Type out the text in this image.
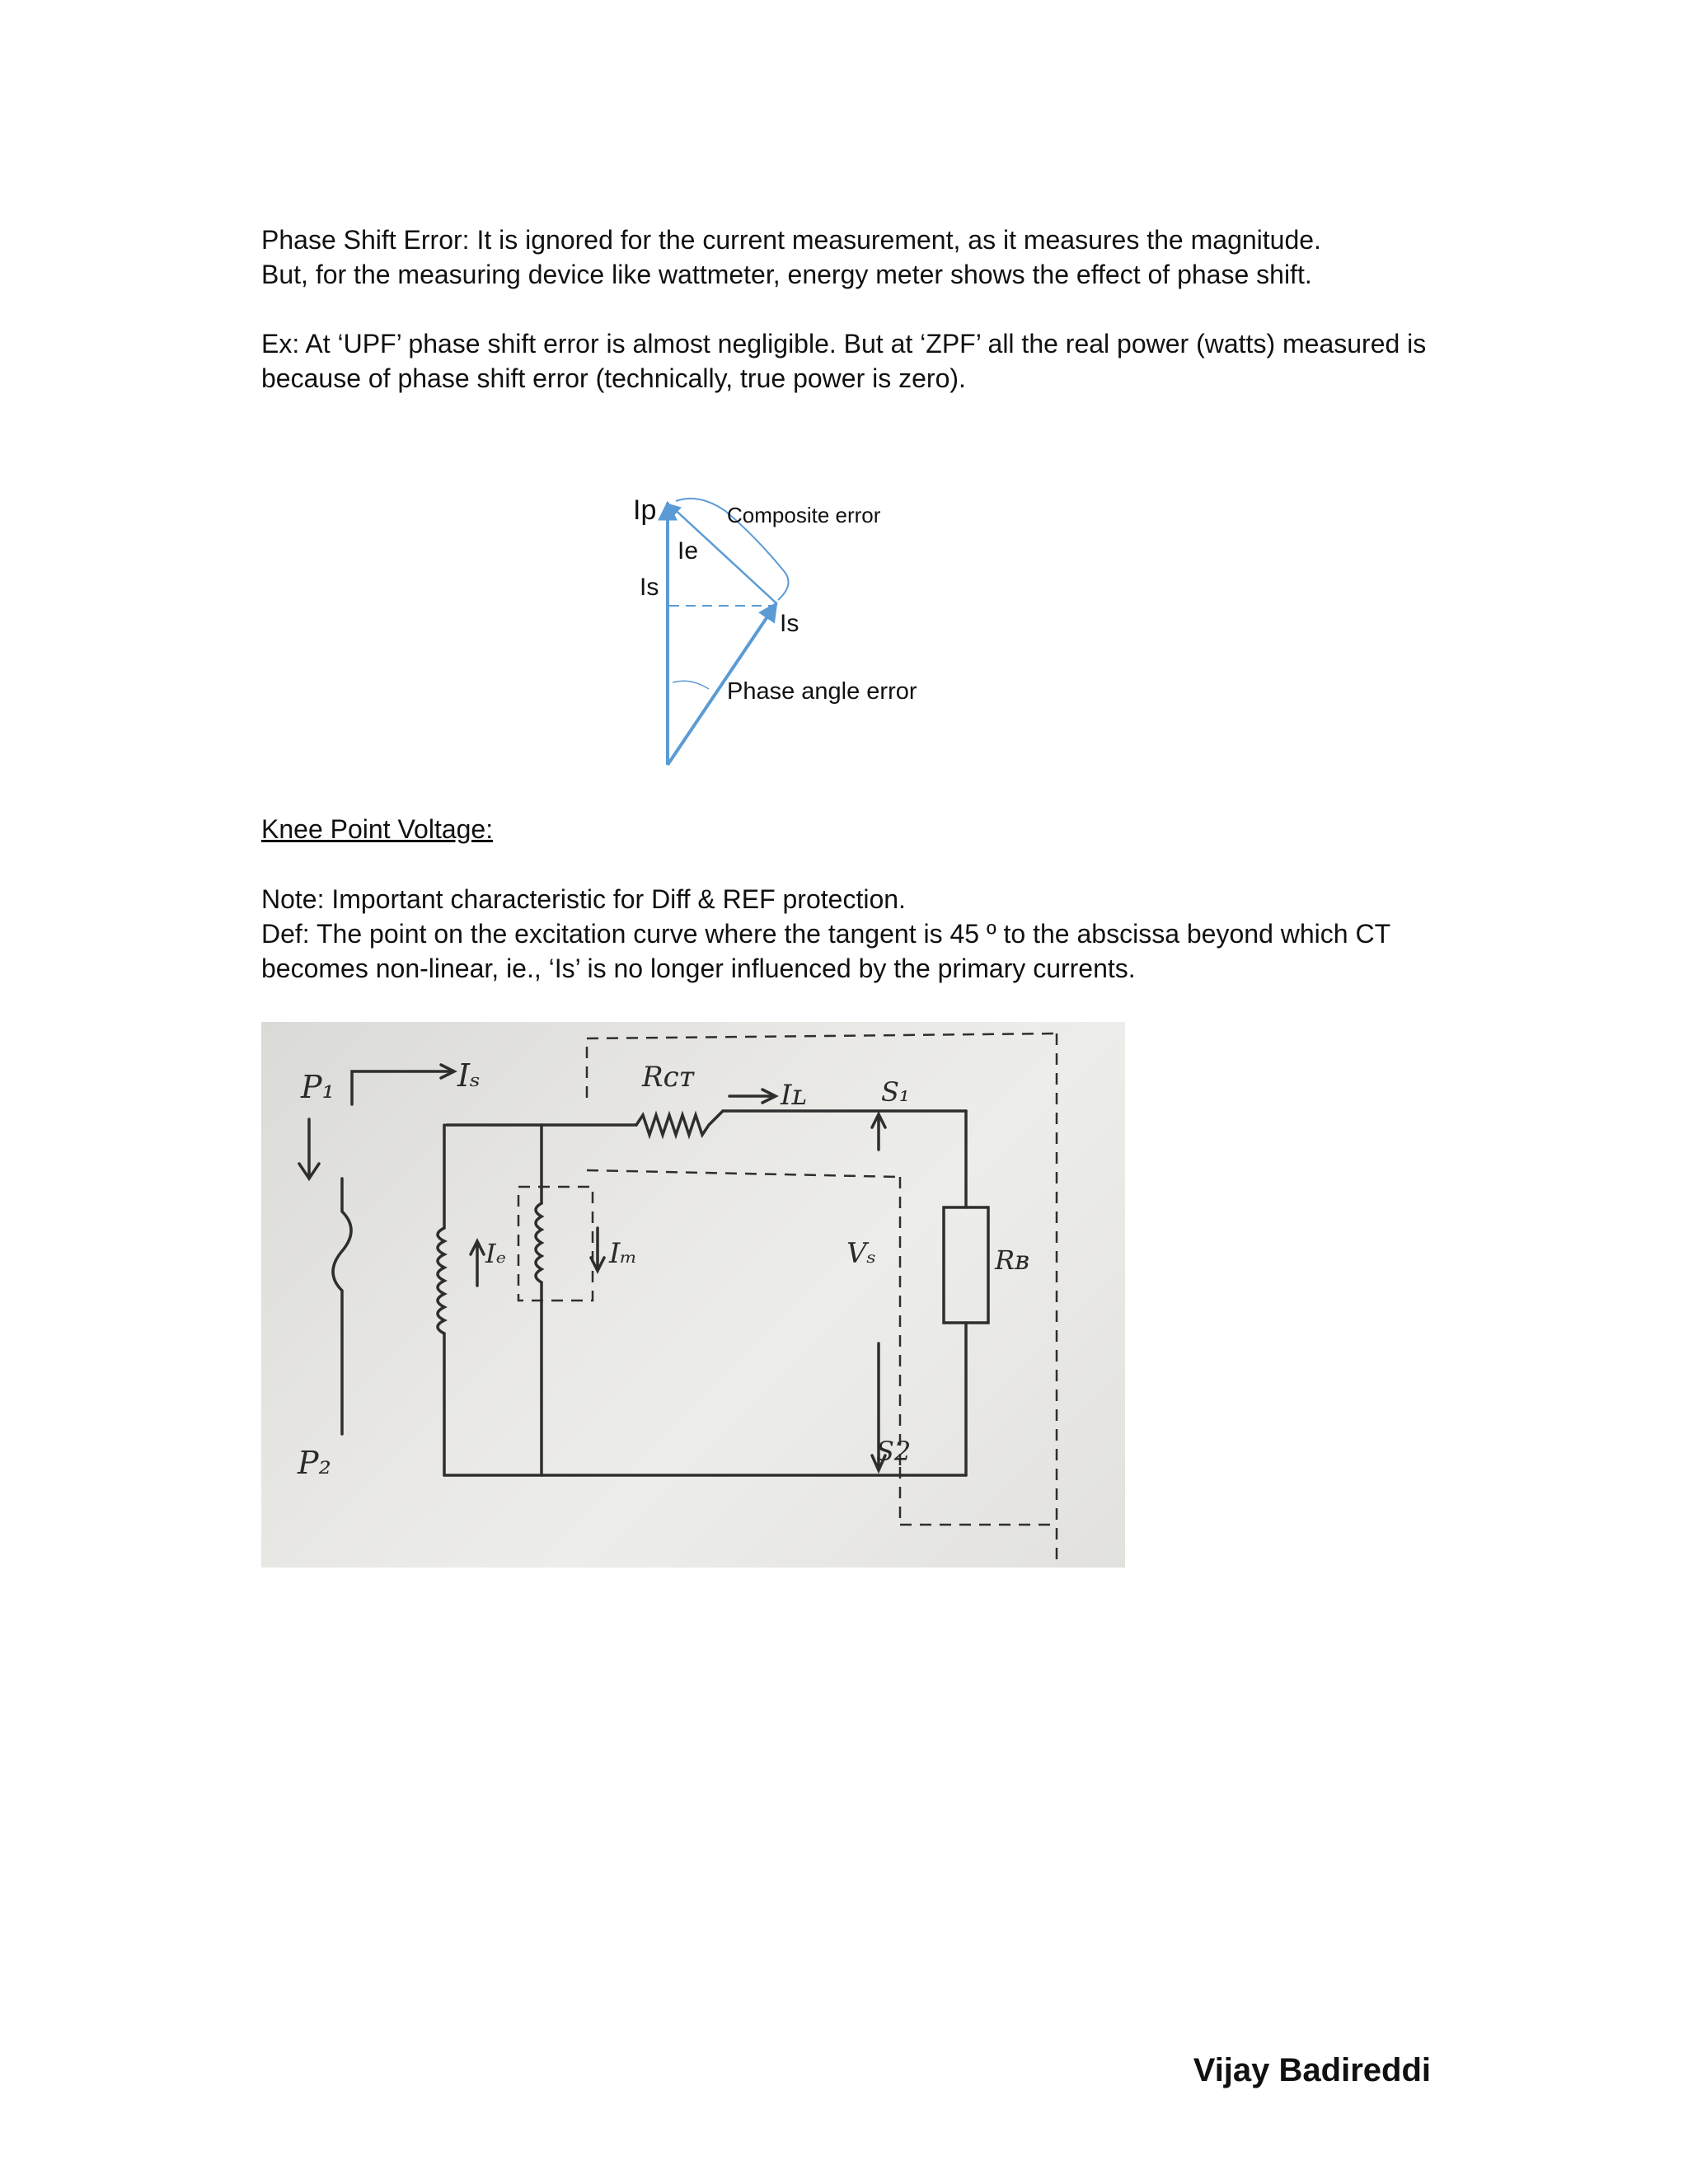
Phase Shift Error: It is ignored for the current measurement, as it measures the magnitude.
But, for the measuring device like wattmeter, energy meter shows the effect of phase shift.
Ex: At ‘UPF’ phase shift error is almost negligible. But at ‘ZPF’ all the real power (watts) measured is
because of phase shift error (technically, true power is zero).
Ip
Ie
Is
Is
Composite error
Phase angle error
Knee Point Voltage:
Note: Important characteristic for Diff & REF protection.
Def: The point on the excitation curve where the tangent is 45 º to the abscissa beyond which CT
becomes non-linear, ie., ‘Is’ is no longer influenced by the primary currents.
P₁
P₂
Iₛ	Rᴄᴛ
Iʟ	S₁
Iₑ	Iₘ	Vₛ	Rʙ
S2
Vijay Badireddi
